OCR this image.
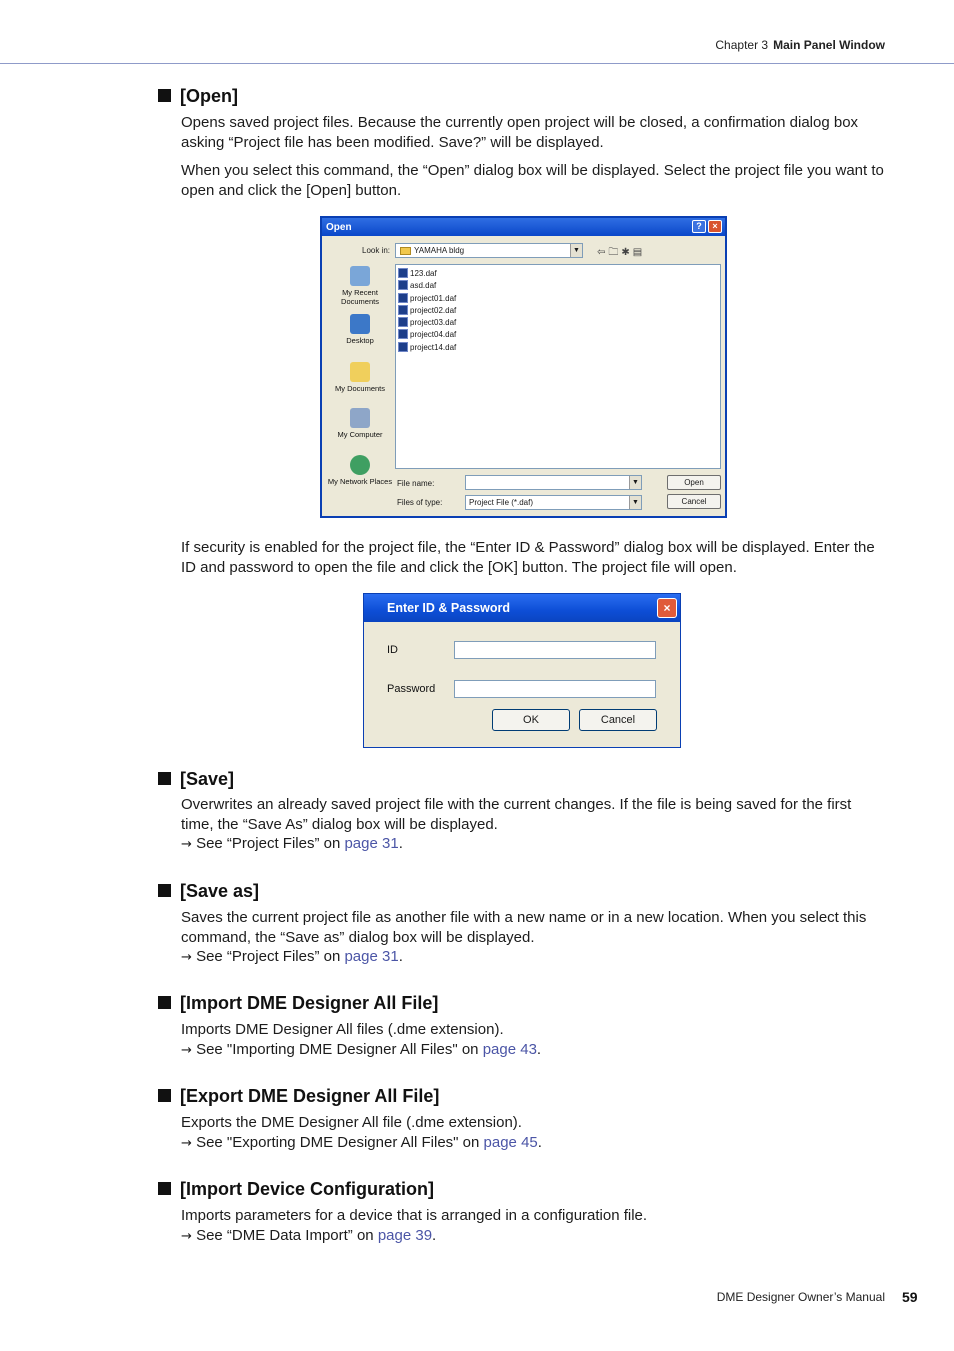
Chapter 3 Main Panel Window
[Open]
Opens saved project files. Because the currently open project will be closed, a confirmation dialog box asking “Project file has been modified. Save?” will be displayed.
When you select this command, the “Open” dialog box will be displayed. Select the project file you want to open and click the [Open] button.
Open	?	×
Look in:	YAMAHA bldg	▼ ⇦🗀✱▤
My Recent Documents
Desktop
My Documents
My Computer
My Network Places
123.daf
asd.daf
project01.daf
project02.daf
project03.daf
project04.daf
project14.daf
File name:	▼
Files of type:	Project File (*.daf)	▼
Open
Cancel
If security is enabled for the project file, the “Enter ID & Password” dialog box will be displayed. Enter the ID and password to open the file and click the [OK] button. The project file will open.
Enter ID & Password	×
ID
Password
OK	Cancel
[Save]
Overwrites an already saved project file with the current changes. If the file is being saved for the first time, the “Save As” dialog box will be displayed.
→ See “Project Files” on page 31.
[Save as]
Saves the current project file as another file with a new name or in a new location. When you select this command, the “Save as” dialog box will be displayed.
→ See “Project Files” on page 31.
[Import DME Designer All File]
Imports DME Designer All files (.dme extension).
→ See "Importing DME Designer All Files" on page 43.
[Export DME Designer All File]
Exports the DME Designer All file (.dme extension).
→ See "Exporting DME Designer All Files" on page 45.
[Import Device Configuration]
Imports parameters for a device that is arranged in a configuration file.
→ See “DME Data Import” on page 39.
DME Designer Owner’s Manual 59
